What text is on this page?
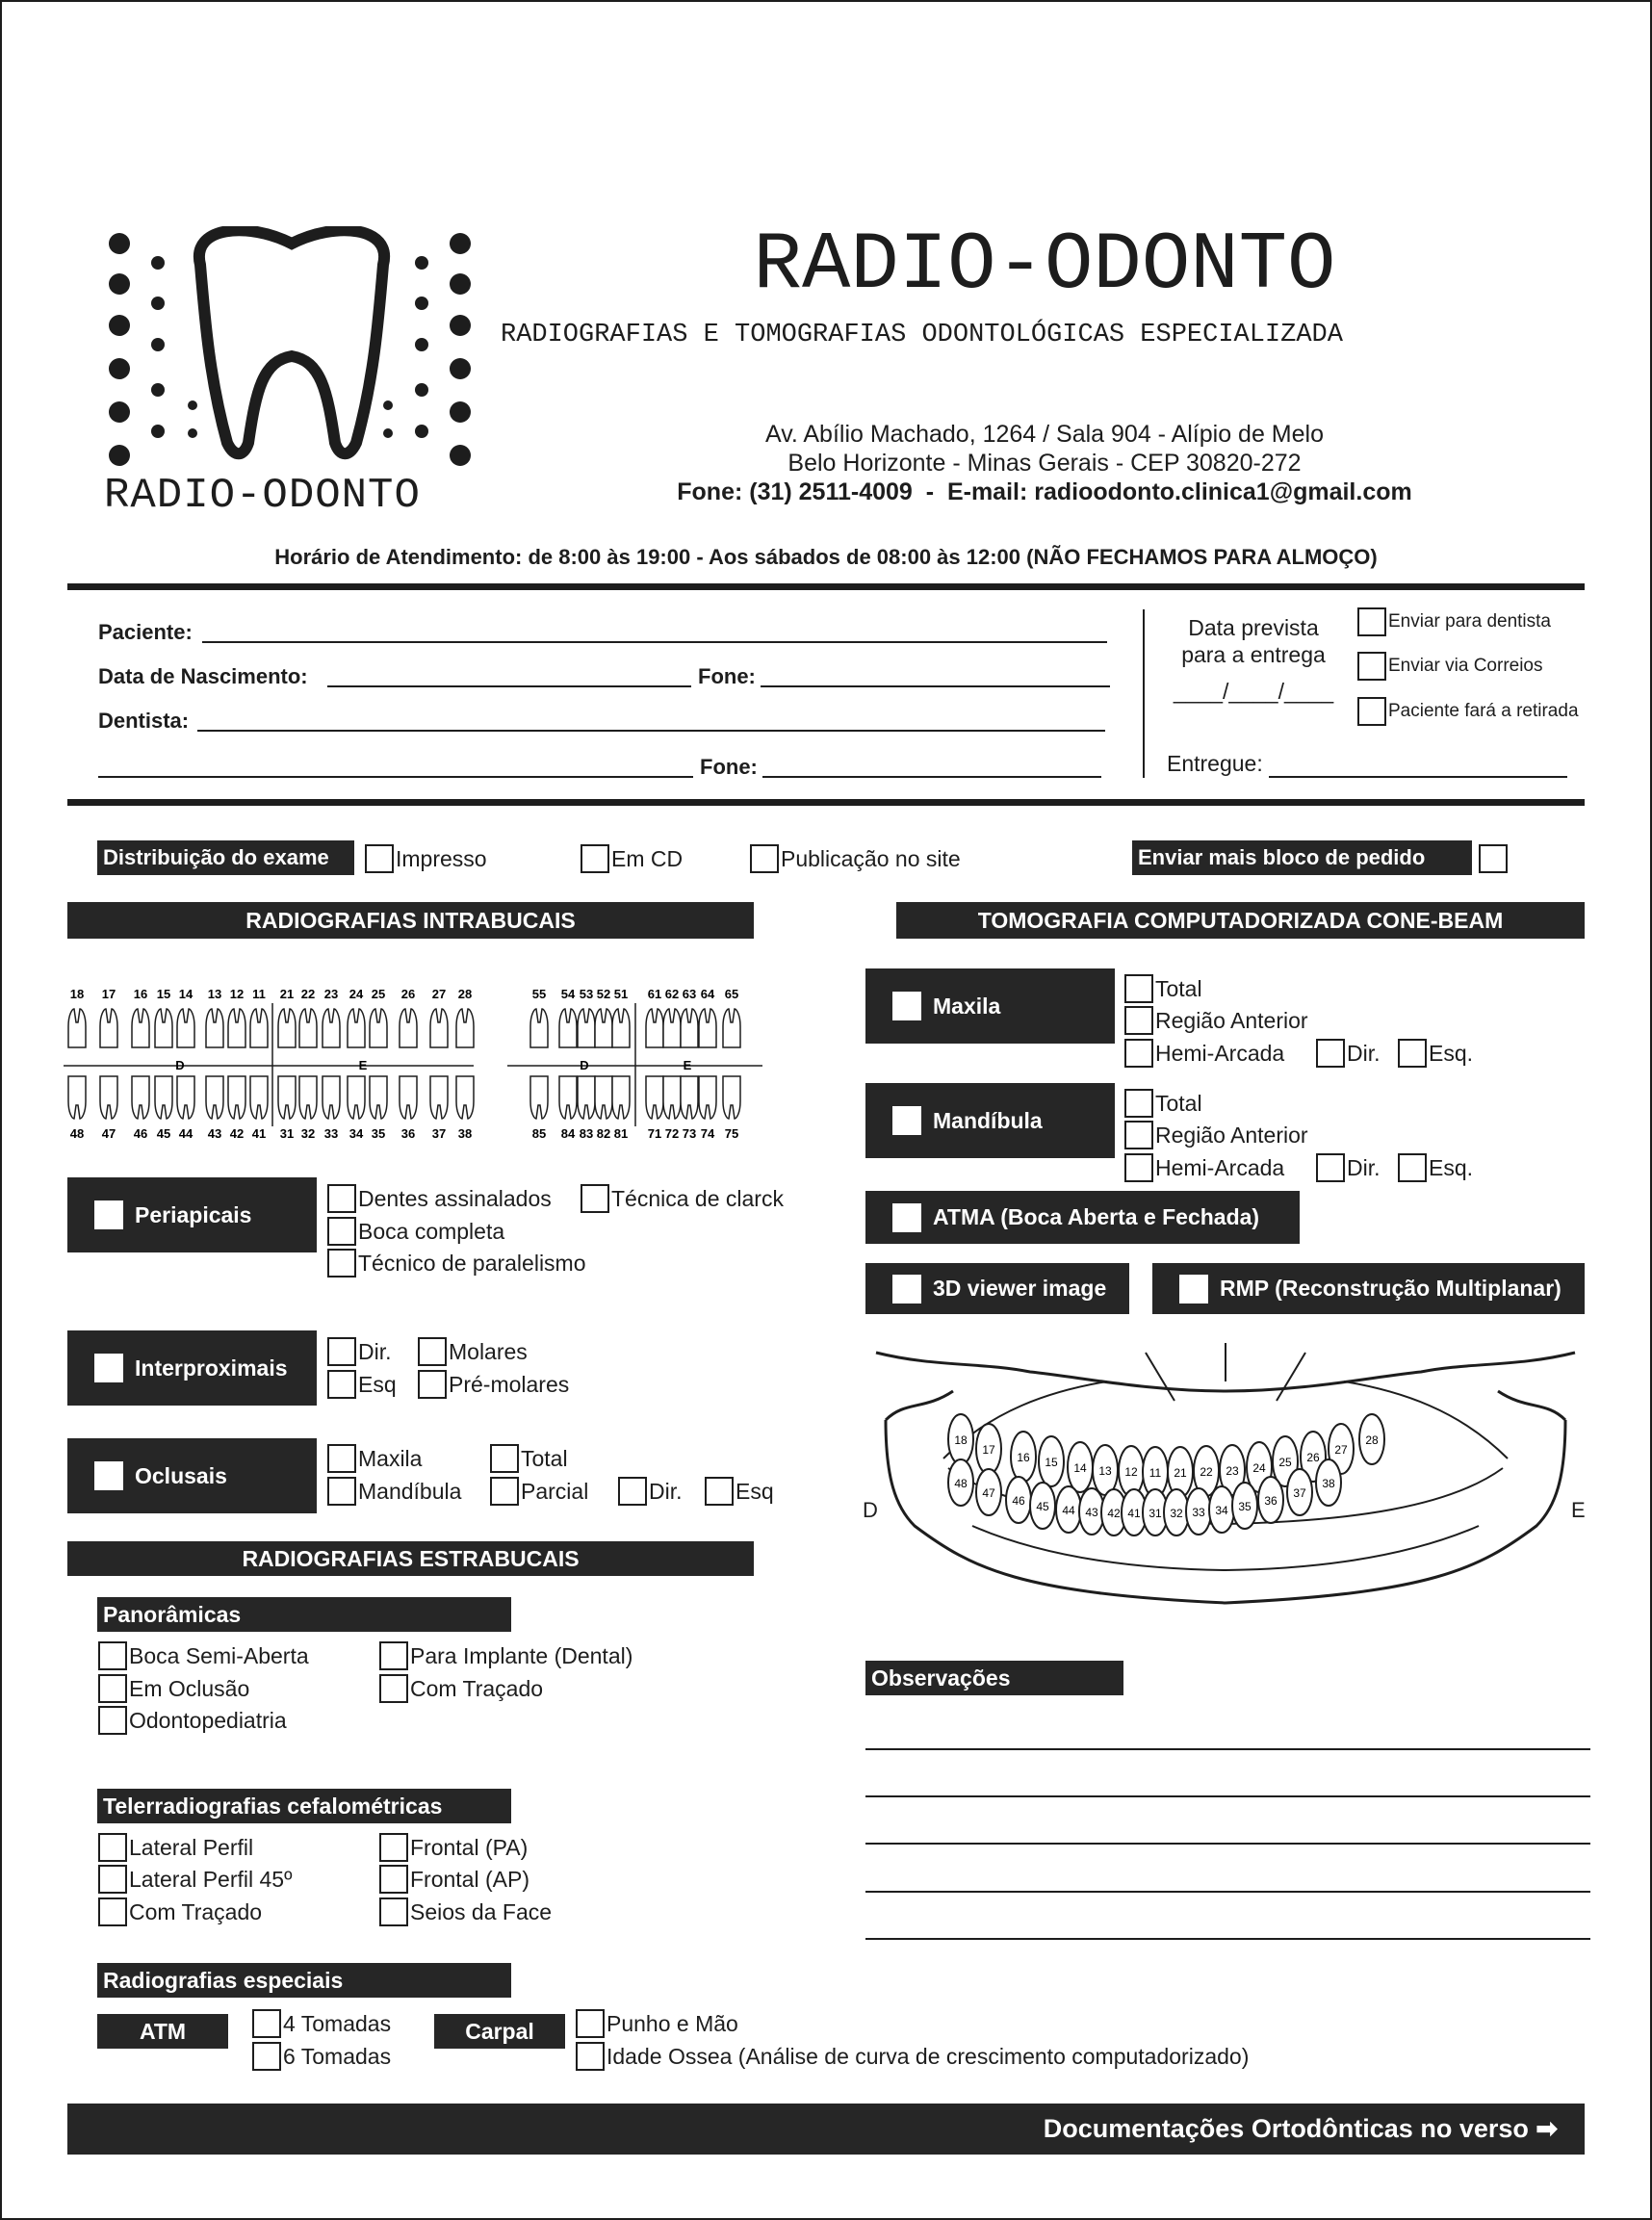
RADIO-ODONTO
RADIO-ODONTO
RADIOGRAFIAS E TOMOGRAFIAS ODONTOLÓGICAS ESPECIALIZADA
Av. Abílio Machado, 1264 / Sala 904 - Alípio de Melo
Belo Horizonte - Minas Gerais - CEP 30820-272
Fone: (31) 2511-4009  -  E-mail: radioodonto.clinica1@gmail.com
Horário de Atendimento: de 8:00 às 19:00 - Aos sábados de 08:00 às 12:00 (NÃO FECHAMOS PARA ALMOÇO)
Paciente:
Data de Nascimento:	Fone:
Dentista:
Fone:
Data prevista
para a entrega
____/____/____
Enviar para dentista
Enviar via Correios
Paciente fará a retirada
Entregue:
Distribuição do exame	Impresso	Em CD	Publicação no site	Enviar mais bloco de pedido
RADIOGRAFIAS INTRABUCAIS
18 17 16 15 14 13 12 11 21 22 23 24 25 26 27 28
48 47 46 45 44 43 42 41 31 32 33 34 35 36 37 38
D	E
55 54 53 52 51 61 62 63 64 65
85 84 83 82 81 71 72 73 74 75
D	E
Periapicais
Dentes assinalados	Técnica de clarck
Boca completa
Técnico de paralelismo
Interproximais
Dir.	Molares
Esq Pré-molares
Oclusais
Maxila	Total
Mandíbula	Parcial	Dir. Esq
RADIOGRAFIAS ESTRABUCAIS
Panorâmicas
Boca Semi-Aberta	Para Implante (Dental)
Em Oclusão	Com Traçado
Odontopediatria
Telerradiografias cefalométricas
Lateral Perfil	Frontal (PA)
Lateral Perfil 45º	Frontal (AP)
Com Traçado	Seios da Face
Radiografias especiais
ATM	4 Tomadas
6 Tomadas
Carpal	Punho e Mão
Idade Ossea (Análise de curva de crescimento computadorizado)
TOMOGRAFIA COMPUTADORIZADA CONE-BEAM
Maxila
Total
Região Anterior
Hemi-Arcada	Dir. Esq.
Mandíbula
Total
Região Anterior
Hemi-Arcada	Dir. Esq.
ATMA (Boca Aberta e Fechada)
3D viewer image	RMP (Reconstrução Multiplanar)
18
17
16 15 14 13 12 11 21 22 23 24 25 26
27
28
48
47
46 45 44 43 42 41 31 32 33 34 35 36
37
38
D	E
Observações
Documentações Ortodônticas no verso ➡
